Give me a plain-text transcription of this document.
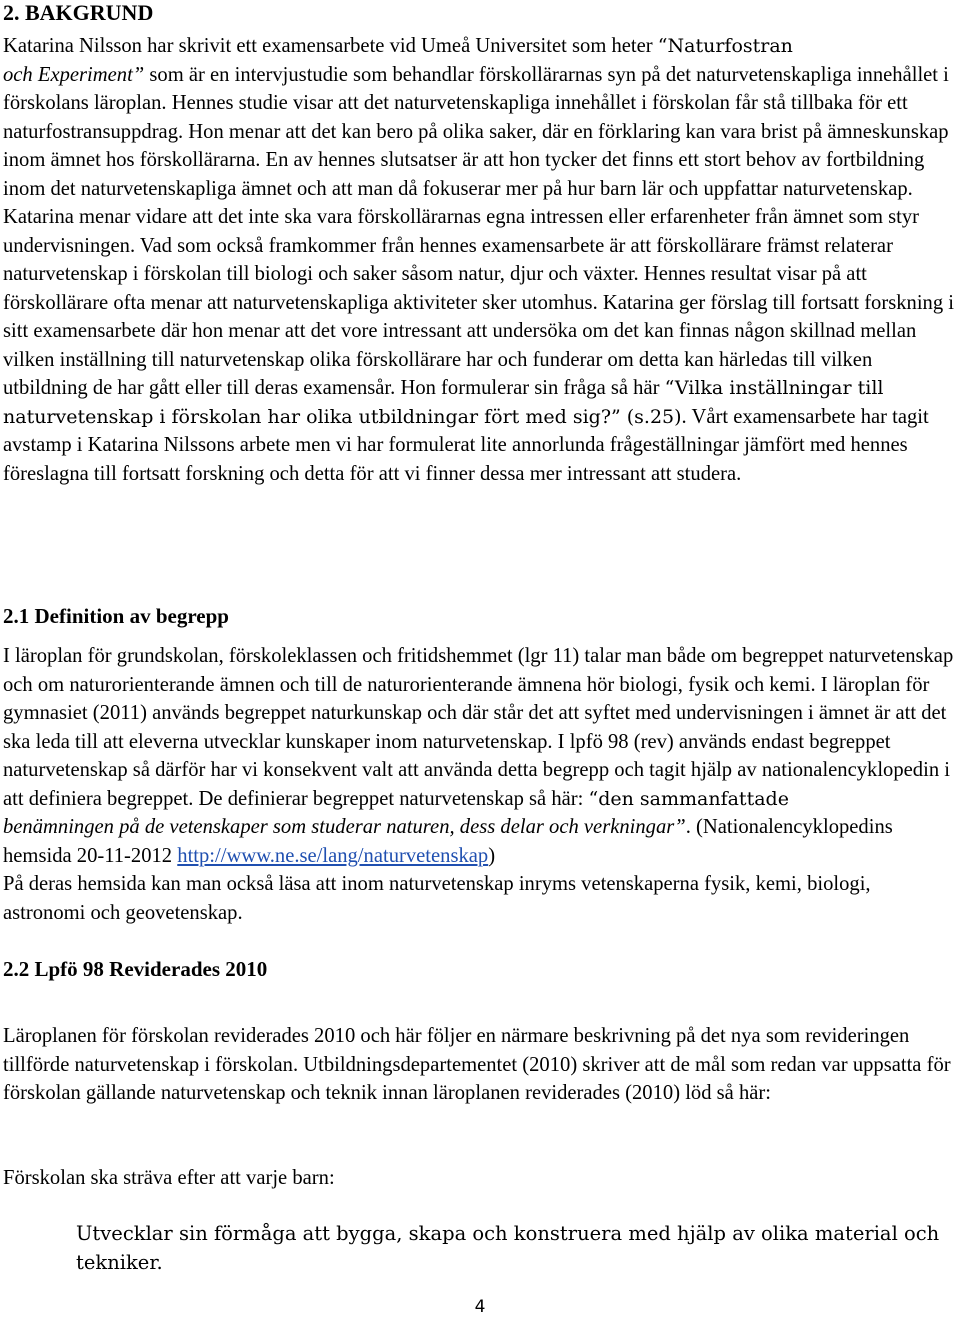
2. BAKGRUND

Katarina Nilsson har skrivit ett examensarbete vid Umeå Universitet som heter “Naturfostran
och Experiment” som är en intervjustudie som behandlar förskollärarnas syn på det naturvetenskapliga innehållet i förskolans läroplan. Hennes studie visar att det naturvetenskapliga innehållet i förskolan får stå tillbaka för ett naturfostransuppdrag. Hon menar att det kan bero på olika saker, där en förklaring kan vara brist på ämneskunskap inom ämnet hos förskollärarna. En av hennes slutsatser är att hon tycker det finns ett stort behov av fortbildning inom det naturvetenskapliga ämnet och att man då fokuserar mer på hur barn lär och uppfattar naturvetenskap. Katarina menar vidare att det inte ska vara förskollärarnas egna intressen eller erfarenheter från ämnet som styr undervisningen. Vad som också framkommer från hennes examensarbete är att förskollärare främst relaterar naturvetenskap i förskolan till biologi och saker såsom natur, djur och växter. Hennes resultat visar på att förskollärare ofta menar att naturvetenskapliga aktiviteter sker utomhus. Katarina ger förslag till fortsatt forskning i sitt examensarbete där hon menar att det vore intressant att undersöka om det kan finnas någon skillnad mellan vilken inställning till naturvetenskap olika förskollärare har och funderar om detta kan härledas till vilken utbildning de har gått eller till deras examensår. Hon formulerar sin fråga så här “Vilka inställningar till naturvetenskap i förskolan har olika utbildningar fört med sig?” (s.25). Vårt examensarbete har tagit avstamp i Katarina Nilssons arbete men vi har formulerat lite annorlunda frågeställningar jämfört med hennes föreslagna till fortsatt forskning och detta för att vi finner dessa mer intressant att studera.

2.1 Definition av begrepp

I läroplan för grundskolan, förskoleklassen och fritidshemmet (lgr 11) talar man både om begreppet naturvetenskap och om naturorienterande ämnen och till de naturorienterande ämnena hör biologi, fysik och kemi. I läroplan för gymnasiet (2011) används begreppet naturkunskap och där står det att syftet med undervisningen i ämnet är att det ska leda till att eleverna utvecklar kunskaper inom naturvetenskap. I lpfö 98 (rev) används endast begreppet naturvetenskap så därför har vi konsekvent valt att använda detta begrepp och tagit hjälp av nationalencyklopedin i att definiera begreppet. De definierar begreppet naturvetenskap så här: “den sammanfattade
benämningen på de vetenskaper som studerar naturen, dess delar och verkningar”. (Nationalencyklopedins hemsida 20-11-2012 http://www.ne.se/lang/naturvetenskap)
På deras hemsida kan man också läsa att inom naturvetenskap inryms vetenskaperna fysik, kemi, biologi, astronomi och geovetenskap.

2.2 Lpfö 98 Reviderades 2010

Läroplanen för förskolan reviderades 2010 och här följer en närmare beskrivning på det nya som revideringen tillförde naturvetenskap i förskolan. Utbildningsdepartementet (2010) skriver att de mål som redan var uppsatta för förskolan gällande naturvetenskap och teknik innan läroplanen reviderades (2010) löd så här:

Förskolan ska sträva efter att varje barn:

Utvecklar sin förmåga att bygga, skapa och konstruera med hjälp av olika material och tekniker.

4
